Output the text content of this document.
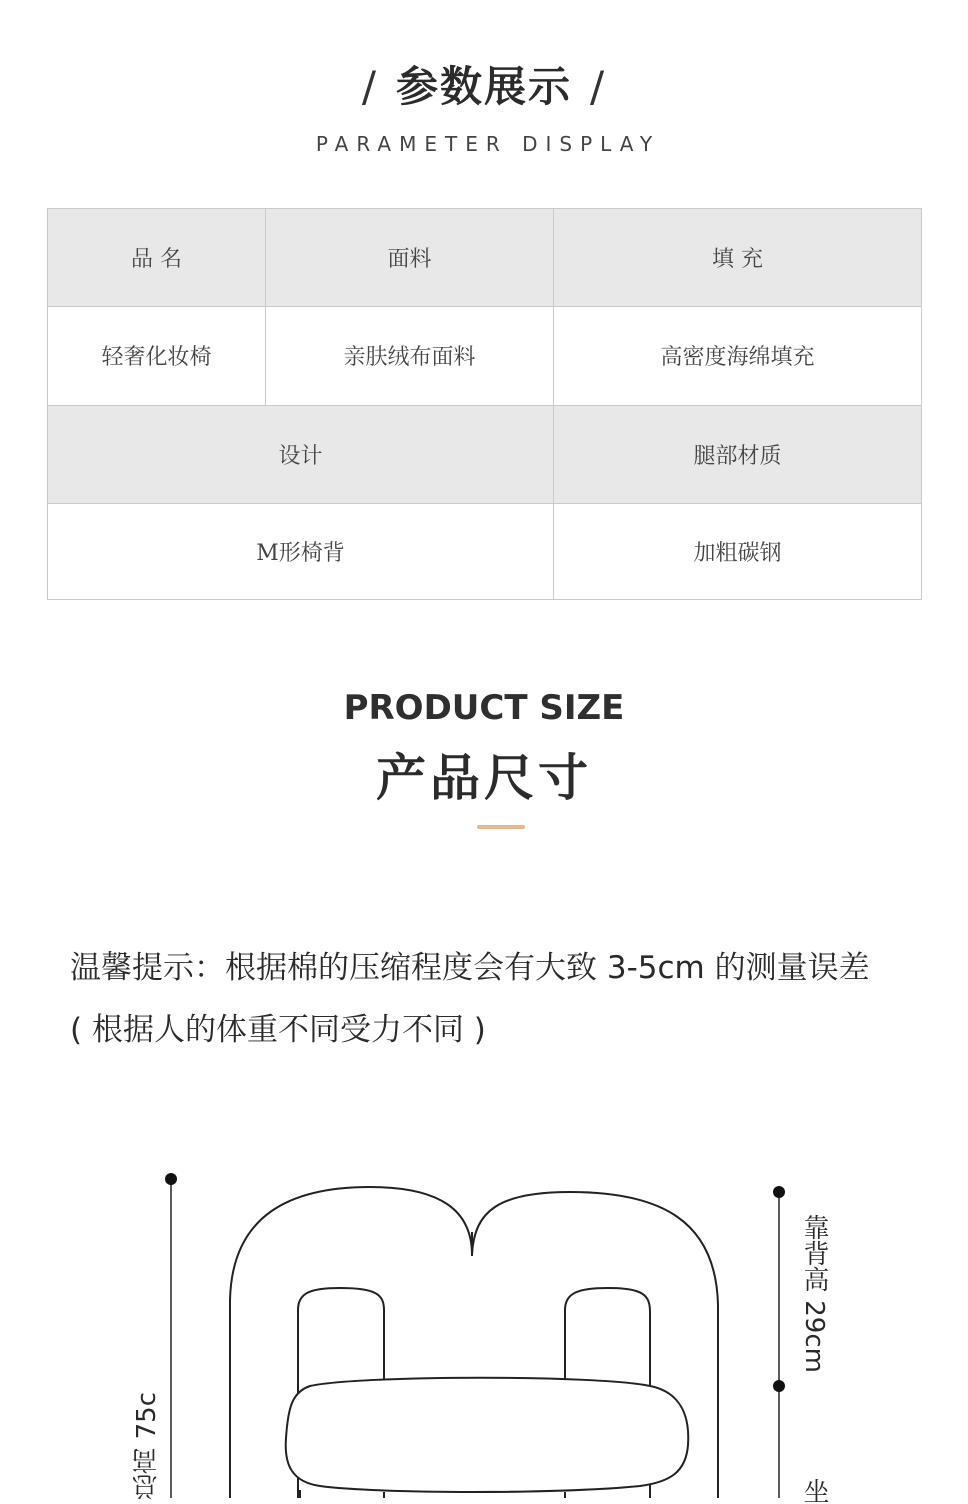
/ 参数展示 /
PARAMETER DISPLAY
品 名	面料	填 充
轻奢化妆椅	亲肤绒布面料	高密度海绵填充
设计		腿部材质
M形椅背		加粗碳钢
PRODUCT SIZE
产品尺寸
温馨提示：根据棉的压缩程度会有大致 3-5cm 的测量误差
( 根据人的体重不同受力不同 )
总高 75c
靠背高 29cm
坐
